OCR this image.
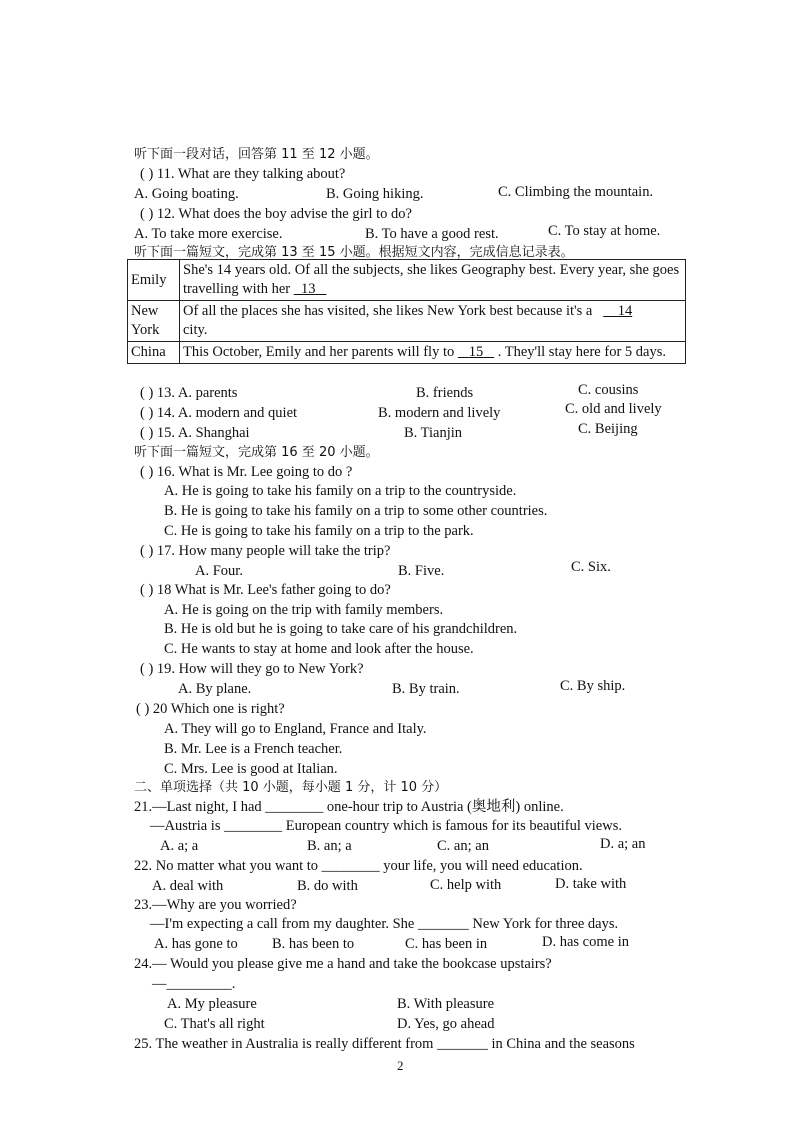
听下面一段对话，回答第 11 至 12 小题。
( ) 11. What are they talking about?
A. Going boating.	B. Going hiking.	C. Climbing the mountain.
( ) 12. What does the boy advise the girl to do?
A. To take more exercise.	B. To have a good rest.	C. To stay at home.
听下面一篇短文，完成第 13 至 15 小题。根据短文内容，完成信息记录表。
Emily	She's 14 years old. Of all the subjects, she likes Geography best. Every year, she goes travelling with her 13
New York	Of all the places she has visited, she likes New York best because it's a 14
city.
China	This October, Emily and her parents will fly to 15 . They'll stay here for 5 days.
( ) 13. A. parents	B. friends	C. cousins
( ) 14. A. modern and quiet	B. modern and lively	C. old and lively
( ) 15. A. Shanghai	B. Tianjin	C. Beijing
听下面一篇短文，完成第 16 至 20 小题。
( ) 16. What is Mr. Lee going to do ?
A. He is going to take his family on a trip to the countryside.
B. He is going to take his family on a trip to some other countries.
C. He is going to take his family on a trip to the park.
( ) 17. How many people will take the trip?
A. Four.	B. Five.	C. Six.
( ) 18 What is Mr. Lee's father going to do?
A. He is going on the trip with family members.
B. He is old but he is going to take care of his grandchildren.
C. He wants to stay at home and look after the house.
( ) 19. How will they go to New York?
A. By plane.	B. By train.	C. By ship.
( ) 20 Which one is right?
A. They will go to England, France and Italy.
B. Mr. Lee is a French teacher.
C. Mrs. Lee is good at Italian.
二、单项选择（共 10 小题，每小题 1 分，计 10 分）
21.—Last night, I had ________ one-hour trip to Austria (奥地利) online.
—Austria is ________ European country which is famous for its beautiful views.
A. a; a	B. an; a	C. an; an	D. a; an
22. No matter what you want to ________ your life, you will need education.
A. deal with	B. do with	C. help with	D. take with
23.—Why are you worried?
—I'm expecting a call from my daughter. She _______ New York for three days.
A. has gone to B. has been to	C. has been in	D. has come in
24.— Would you please give me a hand and take the bookcase upstairs?
—_________.
A. My pleasure	B. With pleasure
C. That's all right	D. Yes, go ahead
25. The weather in Australia is really different from _______ in China and the seasons
2
